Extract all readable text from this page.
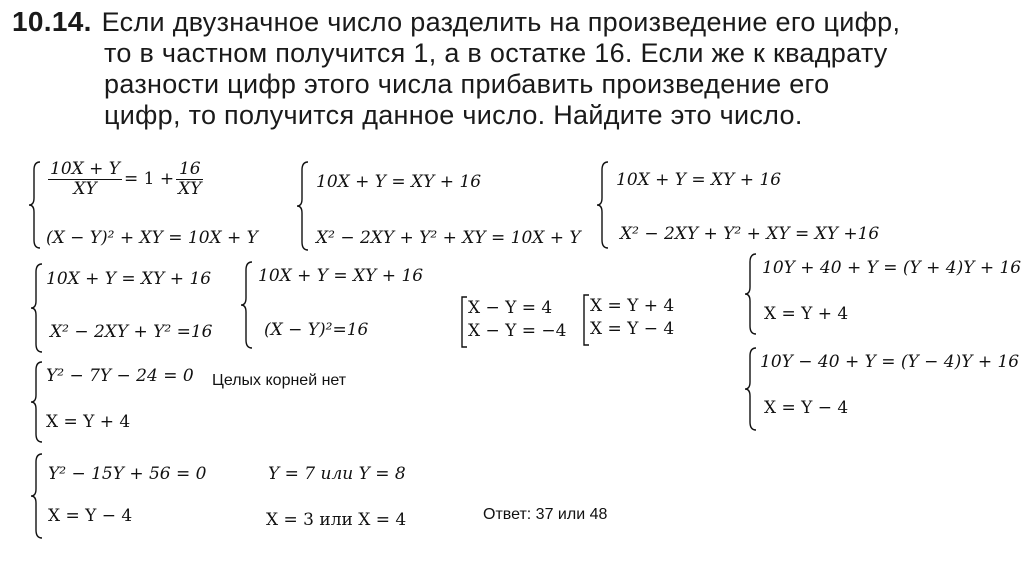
10.14. Если двузначное число разделить на произведение его цифр,
то в частном получится 1, а в остатке 16. Если же к квадрату
разности цифр этого числа прибавить произведение его
цифр, то получится данное число. Найдите это число.
$\frac{10X + Y}{XY} = 1 + \frac{16}{XY}$
(X − Y)² + XY = 10X + Y
10X + Y = XY + 16
X² − 2XY + Y² + XY = 10X + Y
10X + Y = XY + 16
X² − 2XY + Y² + XY = XY +16
10X + Y = XY + 16
X² − 2XY + Y² =16
10X + Y = XY + 16
(X − Y)²=16
X − Y = 4
X − Y = −4
X = Y + 4
X = Y − 4
10Y + 40 + Y = (Y + 4)Y + 16
X = Y + 4
10Y − 40 + Y = (Y − 4)Y + 16
X = Y − 4
Y² − 7Y − 24 = 0
X = Y + 4
Целых корней нет
Y² − 15Y + 56 = 0
X = Y − 4
Y = 7 или Y = 8
X = 3 или X = 4	Ответ: 37 или 48
